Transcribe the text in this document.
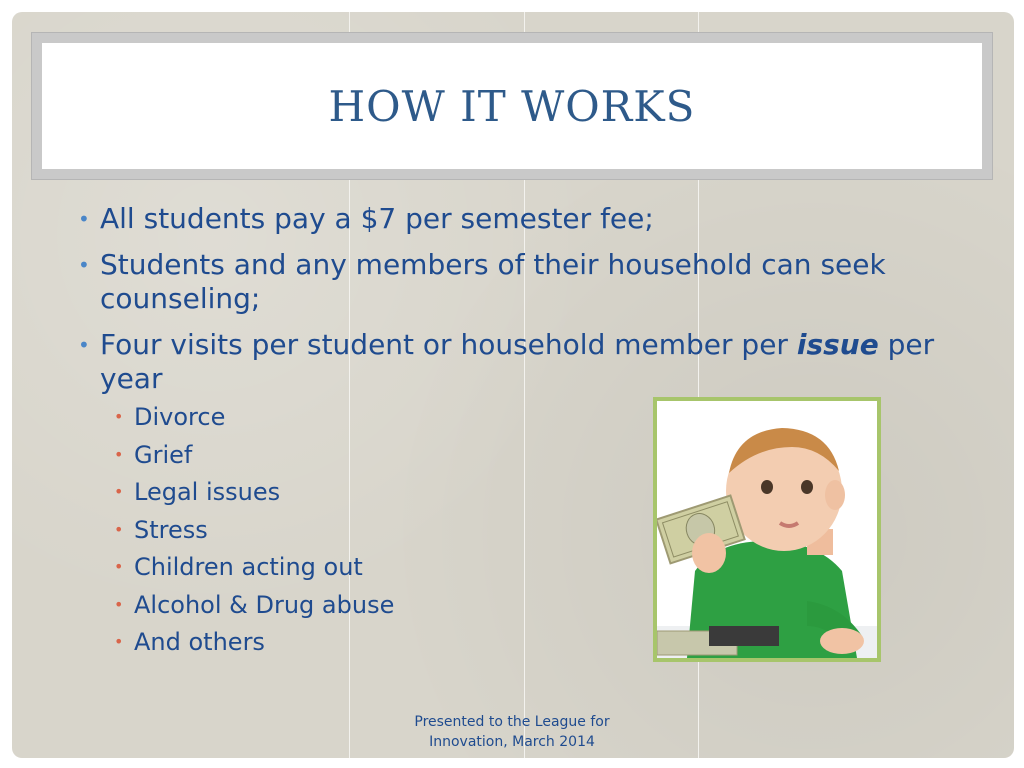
HOW IT WORKS
• All students pay a $7 per semester fee;
• Students and any members of their household can seek counseling;
• Four visits per student or household member per issue per year
• Divorce
• Grief
• Legal issues
• Stress
• Children acting out
• Alcohol & Drug abuse
• And others
Presented to the League for
Innovation, March 2014
